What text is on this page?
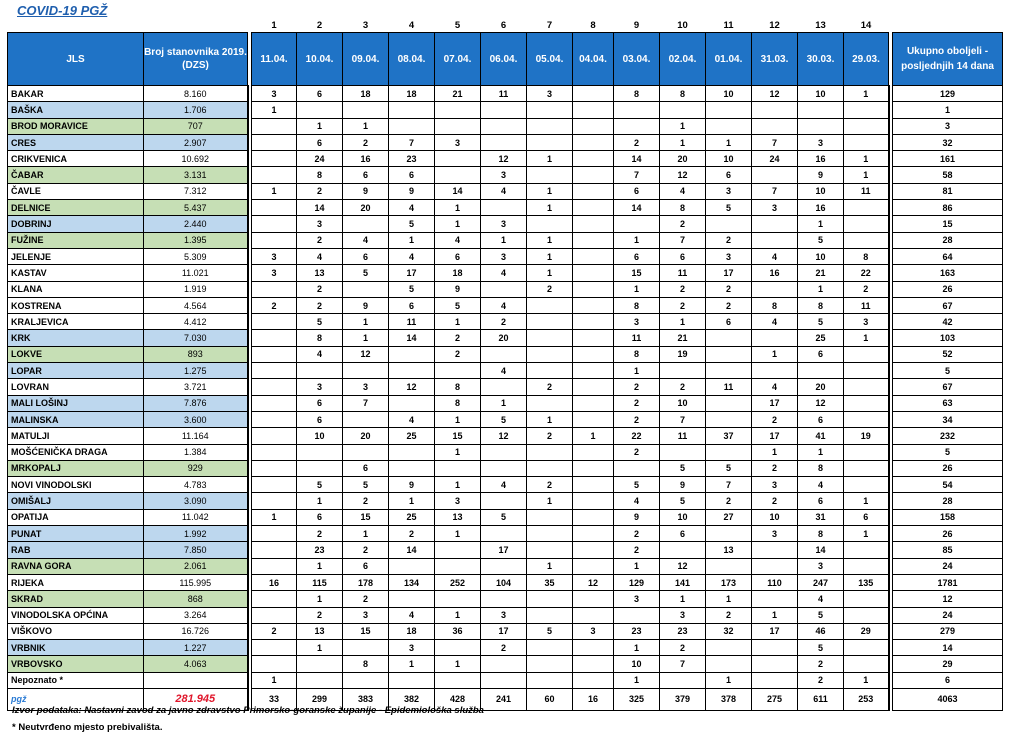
COVID-19 PGŽ
			1	2	3	4	5	6	7	8	9	10	11	12	13	14		
JLS	Broj stanovnika 2019. (DZS)		11.04.	10.04.	09.04.	08.04.	07.04.	06.04.	05.04.	04.04.	03.04.	02.04.	01.04.	31.03.	30.03.	29.03.		Ukupno oboljeli - posljednjih 14 dana
BAKAR	8.160		3	6	18	18	21	11	3		8	8	10	12	10	1		129
BAŠKA	1.706		1															1
BROD MORAVICE	707			1	1							1						3
CRES	2.907			6	2	7	3				2	1	1	7	3			32
CRIKVENICA	10.692			24	16	23		12	1		14	20	10	24	16	1		161
ČABAR	3.131			8	6	6		3			7	12	6		9	1		58
ČAVLE	7.312		1	2	9	9	14	4	1		6	4	3	7	10	11		81
DELNICE	5.437			14	20	4	1		1		14	8	5	3	16			86
DOBRINJ	2.440			3		5	1	3				2			1			15
FUŽINE	1.395			2	4	1	4	1	1		1	7	2		5			28
JELENJE	5.309		3	4	6	4	6	3	1		6	6	3	4	10	8		64
KASTAV	11.021		3	13	5	17	18	4	1		15	11	17	16	21	22		163
KLANA	1.919			2		5	9		2		1	2	2		1	2		26
KOSTRENA	4.564		2	2	9	6	5	4			8	2	2	8	8	11		67
KRALJEVICA	4.412			5	1	11	1	2			3	1	6	4	5	3		42
KRK	7.030			8	1	14	2	20			11	21			25	1		103
LOKVE	893			4	12		2				8	19		1	6			52
LOPAR	1.275							4			1							5
LOVRAN	3.721			3	3	12	8		2		2	2	11	4	20			67
MALI LOŠINJ	7.876			6	7		8	1			2	10		17	12			63
MALINSKA	3.600			6		4	1	5	1		2	7		2	6			34
MATULJI	11.164			10	20	25	15	12	2	1	22	11	37	17	41	19		232
MOŠĆENIČKA DRAGA	1.384						1				2			1	1			5
MRKOPALJ	929				6							5	5	2	8			26
NOVI VINODOLSKI	4.783			5	5	9	1	4	2		5	9	7	3	4			54
OMIŠALJ	3.090			1	2	1	3		1		4	5	2	2	6	1		28
OPATIJA	11.042		1	6	15	25	13	5			9	10	27	10	31	6		158
PUNAT	1.992			2	1	2	1				2	6		3	8	1		26
RAB	7.850			23	2	14		17			2		13		14			85
RAVNA GORA	2.061			1	6				1		1	12			3			24
RIJEKA	115.995		16	115	178	134	252	104	35	12	129	141	173	110	247	135		1781
SKRAD	868			1	2						3	1	1		4			12
VINODOLSKA OPĆINA	3.264			2	3	4	1	3				3	2	1	5			24
VIŠKOVO	16.726		2	13	15	18	36	17	5	3	23	23	32	17	46	29		279
VRBNIK	1.227			1		3		2			1	2			5			14
VRBOVSKO	4.063				8	1	1				10	7			2			29
Nepoznato *			1								1		1		2	1		6
pgž	281.945		33	299	383	382	428	241	60	16	325	379	378	275	611	253		4063
Izvor podataka: Nastavni zavod za javno zdravstvo Primorsko-goranske županije - Epidemiološka služba
* Neutvrđeno mjesto prebivališta.
